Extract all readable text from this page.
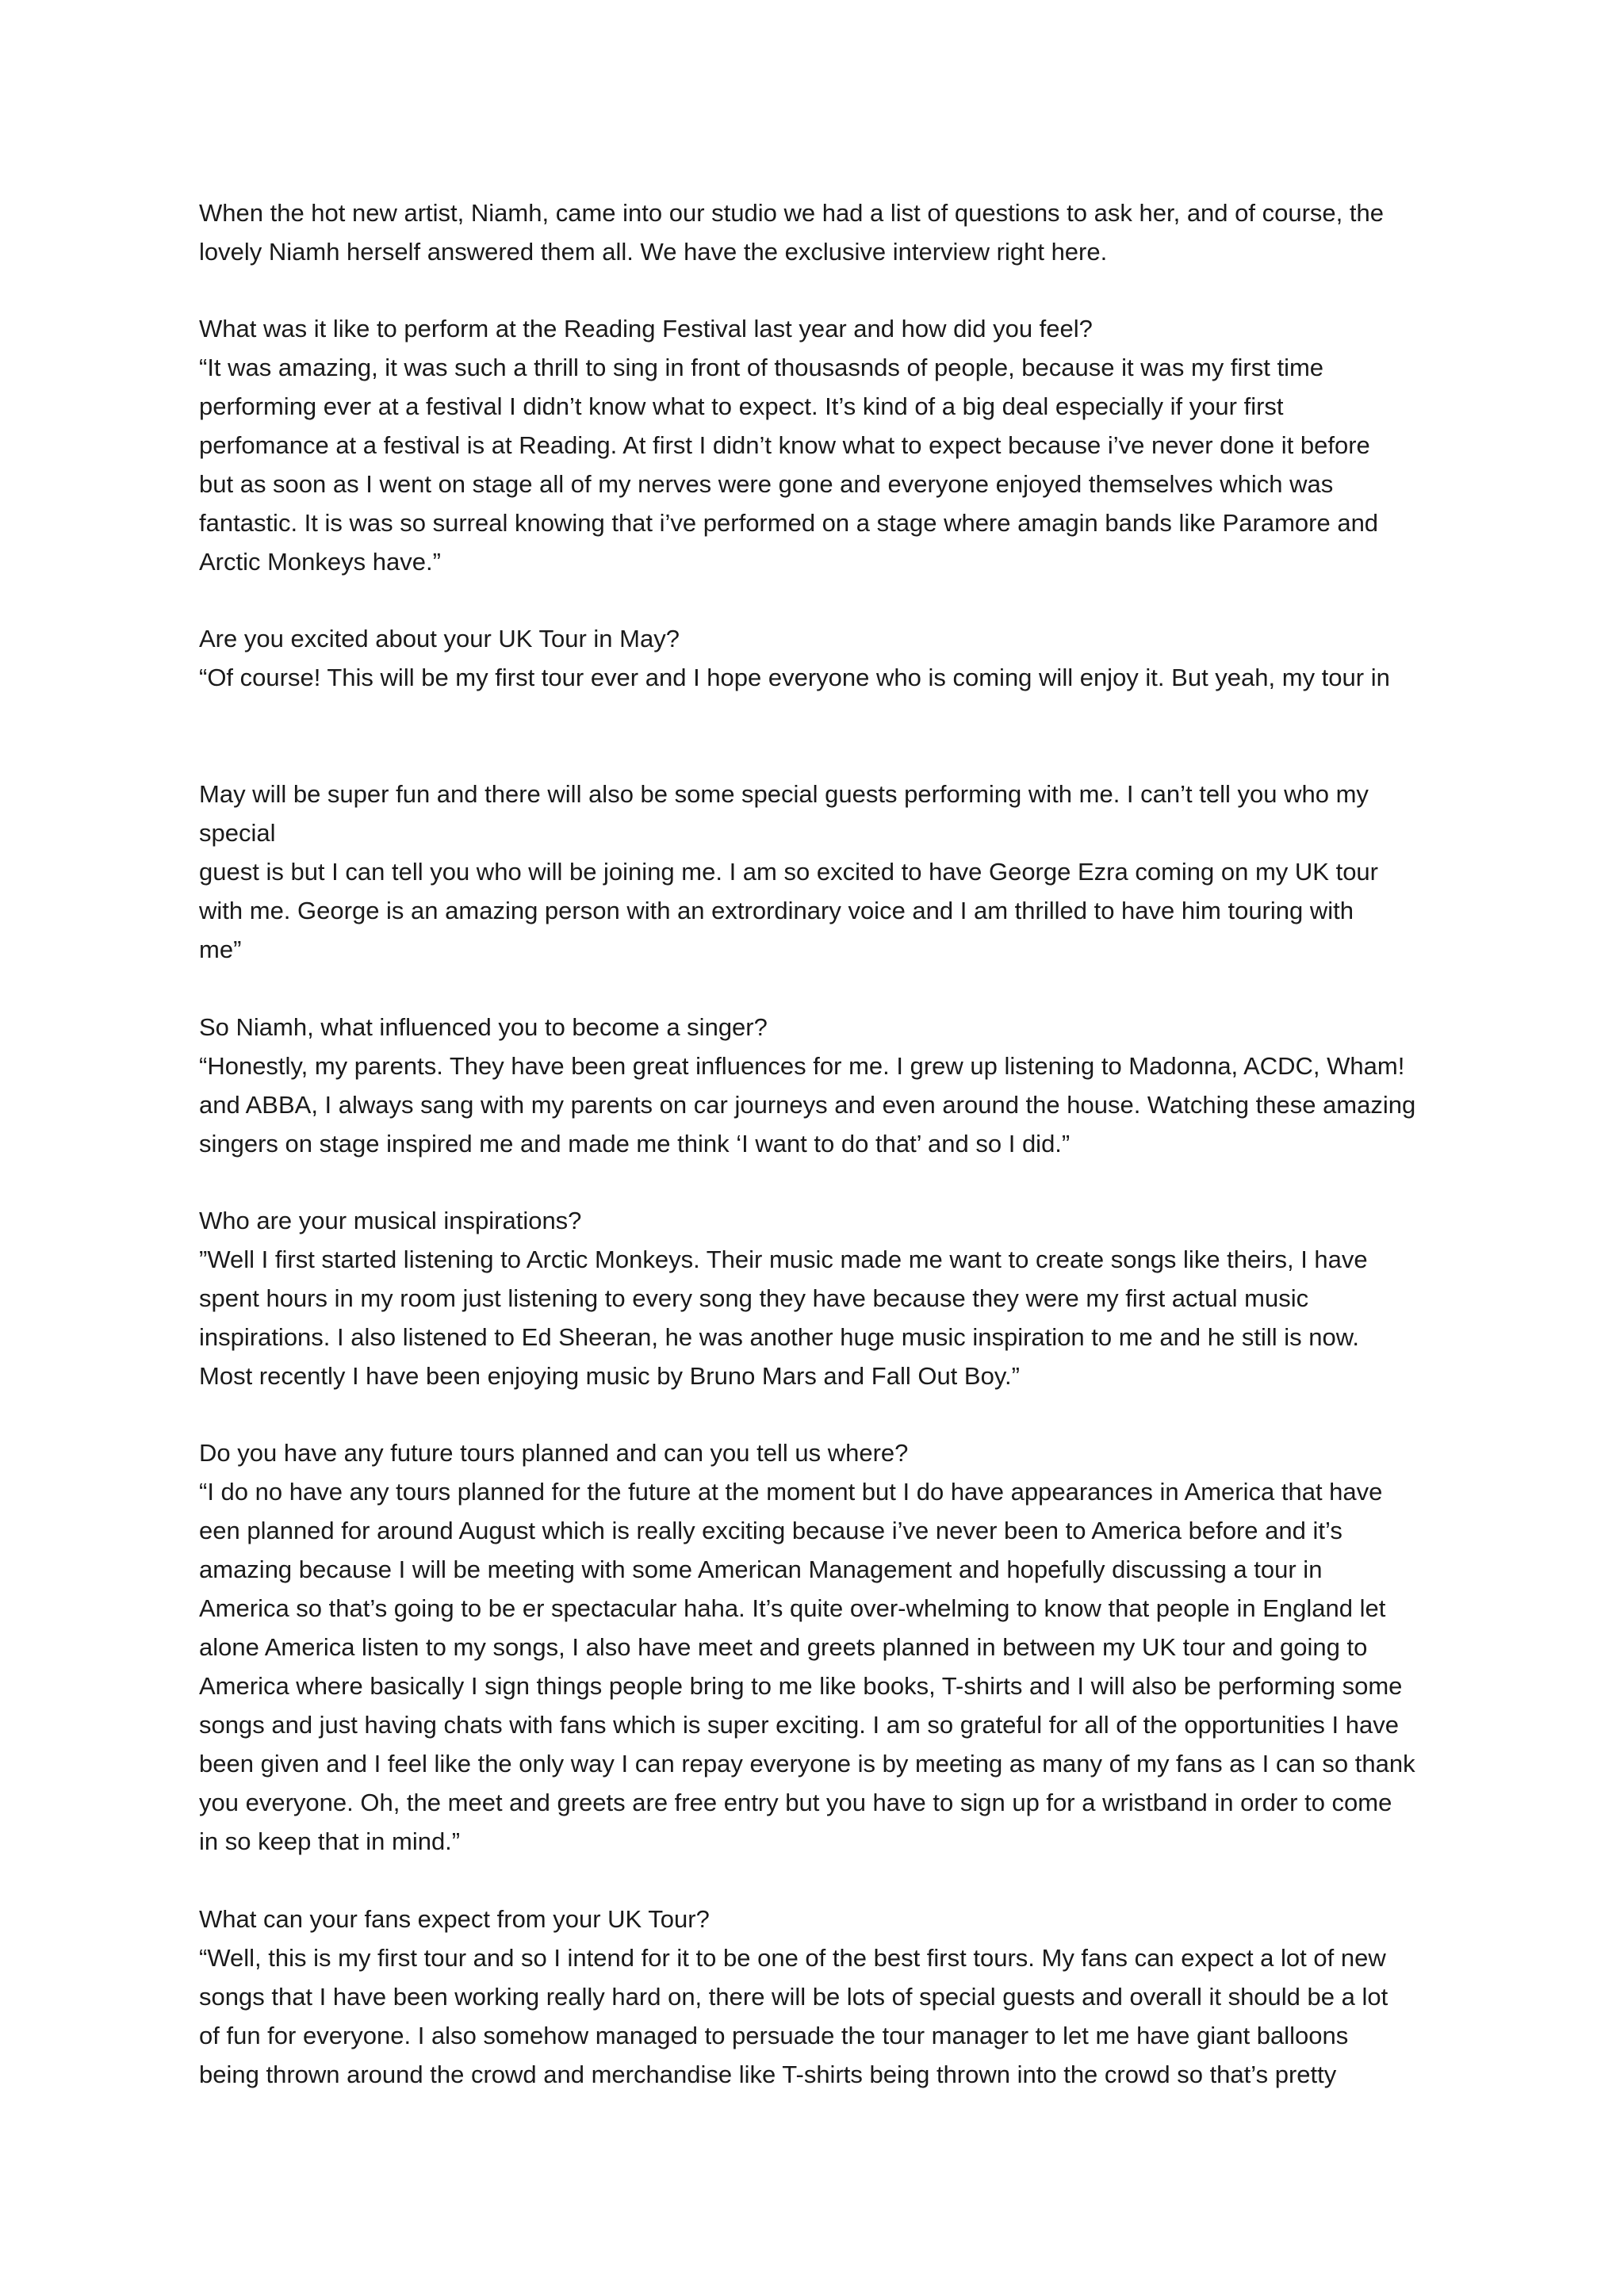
When the hot new artist, Niamh, came into our studio we had a list of questions to ask her, and of course, the

lovely Niamh herself answered them all. We have the exclusive interview right here.

What was it like to perform at the Reading Festival last year and how did you feel?

“It was amazing, it was such a thrill to sing in front of thousasnds of people, because it was my first time

performing ever at a festival I didn’t know what to expect. It’s kind of a big deal especially if your first

perfomance at a festival is at Reading. At first I didn’t know what to expect because i’ve never done it before

but as soon as I went on stage all of my nerves were gone and everyone enjoyed themselves which was

fantastic. It is was so surreal knowing that i’ve performed on a stage where amagin bands like Paramore and

Arctic Monkeys have.”

Are you excited about your UK Tour in May?

“Of course! This will be my first tour ever and I hope everyone who is coming will enjoy it. But yeah, my tour in

May will be super fun and there will also be some special guests performing with me. I can’t tell you who my

special

guest is but I can tell you who will be joining me. I am so excited to have George Ezra coming on my UK tour

with me. George is an amazing person with an extrordinary voice and I am thrilled to have him touring with

me”

So Niamh, what influenced you to become a singer?

“Honestly, my parents. They have been great influences for me. I grew up listening to Madonna, ACDC, Wham!

and ABBA, I always sang with my parents on car journeys and even around the house. Watching these amazing

singers on stage inspired me and made me think ‘I want to do that’ and so I did.”

Who are your musical inspirations?

”Well I first started listening to Arctic Monkeys. Their music made me want to create songs like theirs, I have

spent hours in my room just listening to every song they have because they were my first actual music

inspirations. I also listened to Ed Sheeran, he was another huge music inspiration to me and he still is now.

Most recently I have been enjoying music by Bruno Mars and Fall Out Boy.”

Do you have any future tours planned and can you tell us where?

“I do no have any tours planned for the future at the moment but I do have appearances in America that have

een planned for around August which is really exciting because i’ve never been to America before and it’s

amazing because I will be meeting with some American Management and hopefully discussing a tour in

America so that’s going to be er spectacular haha. It’s quite over-whelming to know that people in England let

alone America listen to my songs, I also have meet and greets planned in between my UK tour and going to

America where basically I sign things people bring to me like books, T-shirts and I will also be performing some

songs and just having chats with fans which is super exciting. I am so grateful for all of the opportunities I have

been given and I feel like the only way I can repay everyone is by meeting as many of my fans as I can so thank

you everyone. Oh, the meet and greets are free entry but you have to sign up for a wristband in order to come

in so keep that in mind.”

What can your fans expect from your UK Tour?

“Well, this is my first tour and so I intend for it to be one of the best first tours. My fans can expect a lot of new

songs that I have been working really hard on, there will be lots of special guests and overall it should be a lot

of fun for everyone. I also somehow managed to persuade the tour manager to let me have giant balloons

being thrown around the crowd and merchandise like T-shirts being thrown into the crowd so that’s pretty
